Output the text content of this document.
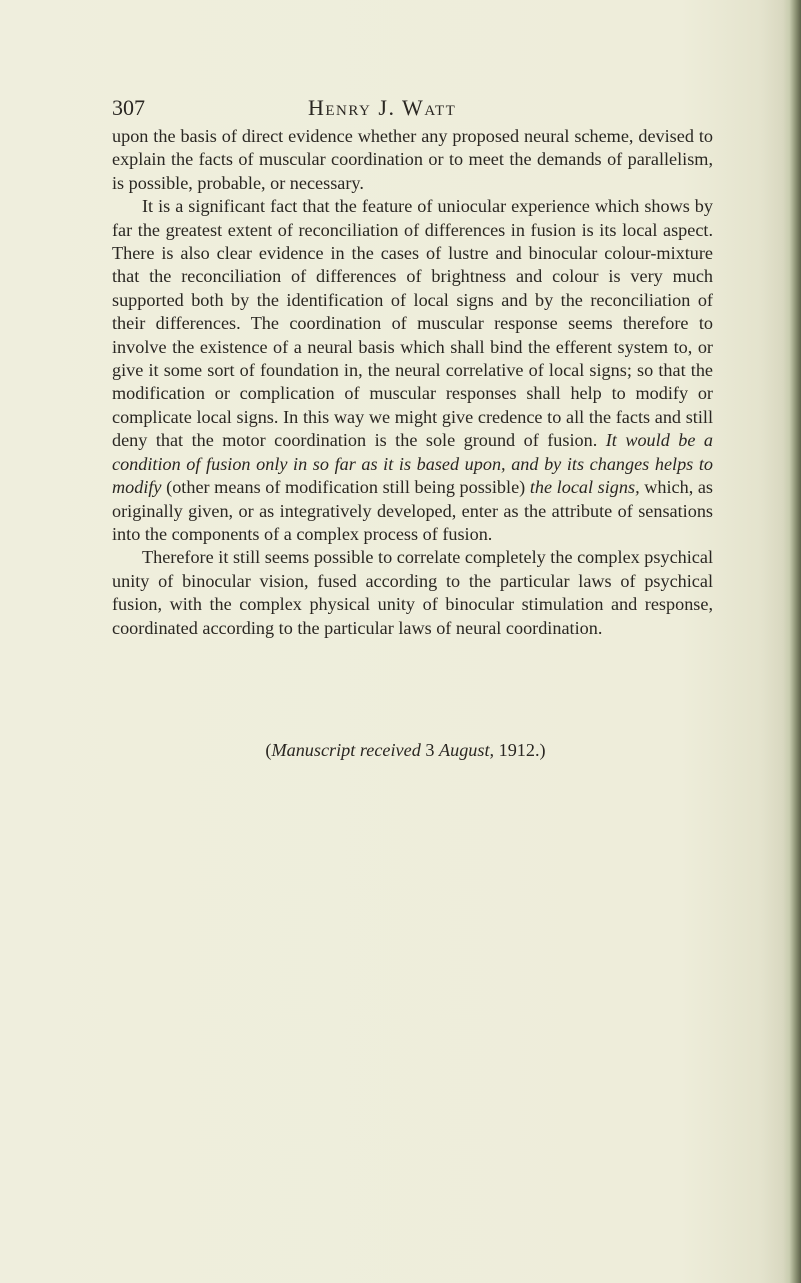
307	Henry J. Watt

upon the basis of direct evidence whether any proposed neural scheme, devised to explain the facts of muscular coordination or to meet the demands of parallelism, is possible, probable, or necessary.

It is a significant fact that the feature of uniocular experience which shows by far the greatest extent of reconciliation of differences in fusion is its local aspect. There is also clear evidence in the cases of lustre and binocular colour-mixture that the reconciliation of differences of brightness and colour is very much supported both by the identification of local signs and by the reconciliation of their differences. The coordination of muscular response seems therefore to involve the existence of a neural basis which shall bind the efferent system to, or give it some sort of foundation in, the neural correlative of local signs; so that the modification or complication of muscular responses shall help to modify or complicate local signs. In this way we might give credence to all the facts and still deny that the motor coordination is the sole ground of fusion. It would be a condition of fusion only in so far as it is based upon, and by its changes helps to modify (other means of modification still being possible) the local signs, which, as originally given, or as integratively developed, enter as the attribute of sensations into the components of a complex process of fusion.

Therefore it still seems possible to correlate completely the complex psychical unity of binocular vision, fused according to the particular laws of psychical fusion, with the complex physical unity of binocular stimulation and response, coordinated according to the particular laws of neural coordination.

(Manuscript received 3 August, 1912.)
